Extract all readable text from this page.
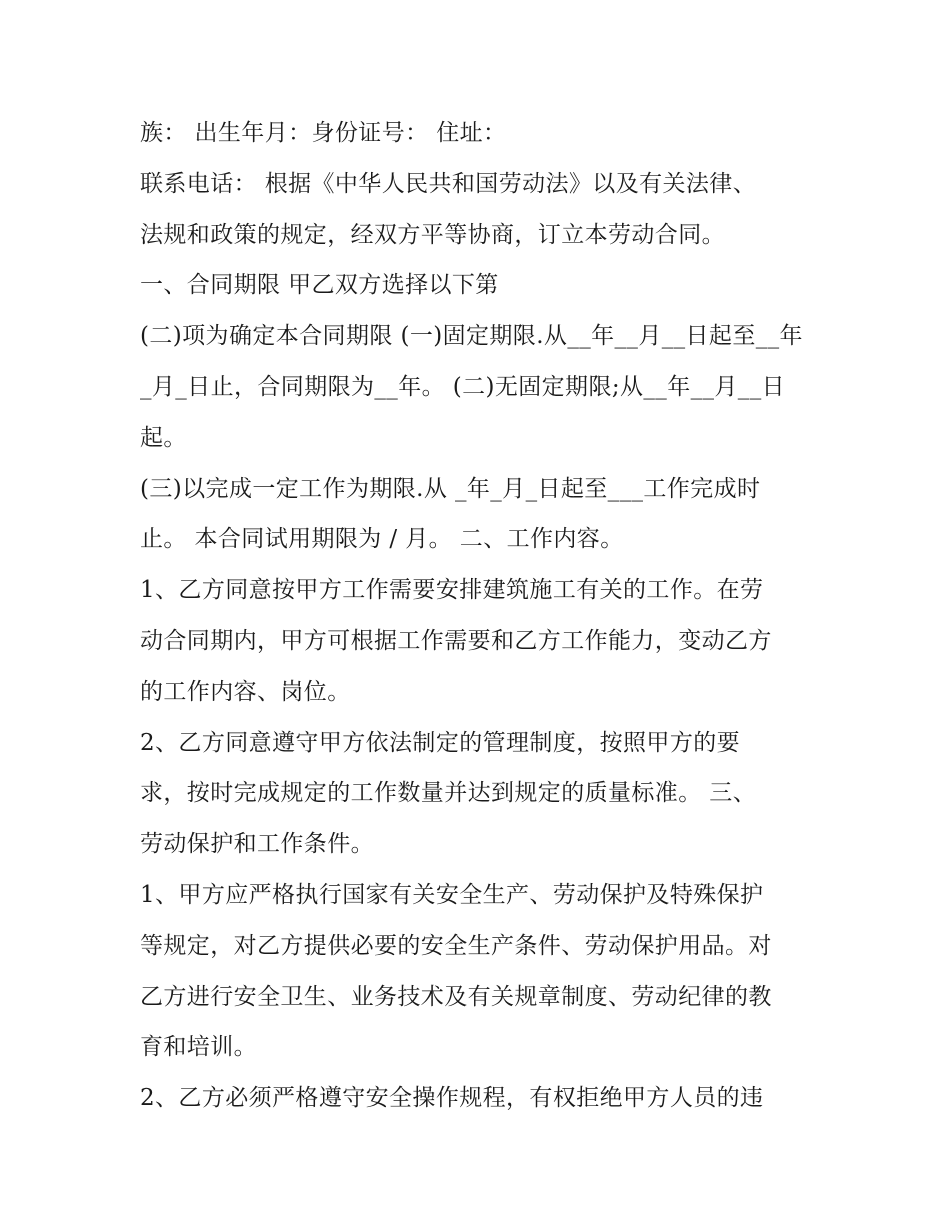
族： 出生年月：身份证号： 住址：
联系电话： 根据《中华人民共和国劳动法》以及有关法律、
法规和政策的规定，经双方平等协商，订立本劳动合同。
一、合同期限 甲乙双方选择以下第
(二)项为确定本合同期限 (一)固定期限.从__年__月__日起至__年
_月_日止，合同期限为__年。 (二)无固定期限;从__年__月__日
起。
(三)以完成一定工作为期限.从 _年_月_日起至___工作完成时
止。 本合同试用期限为 / 月。 二、工作内容。
1、乙方同意按甲方工作需要安排建筑施工有关的工作。在劳
动合同期内，甲方可根据工作需要和乙方工作能力，变动乙方
的工作内容、岗位。
2、乙方同意遵守甲方依法制定的管理制度，按照甲方的要
求，按时完成规定的工作数量并达到规定的质量标准。 三、
劳动保护和工作条件。
1、甲方应严格执行国家有关安全生产、劳动保护及特殊保护
等规定，对乙方提供必要的安全生产条件、劳动保护用品。对
乙方进行安全卫生、业务技术及有关规章制度、劳动纪律的教
育和培训。
2、乙方必须严格遵守安全操作规程，有权拒绝甲方人员的违
